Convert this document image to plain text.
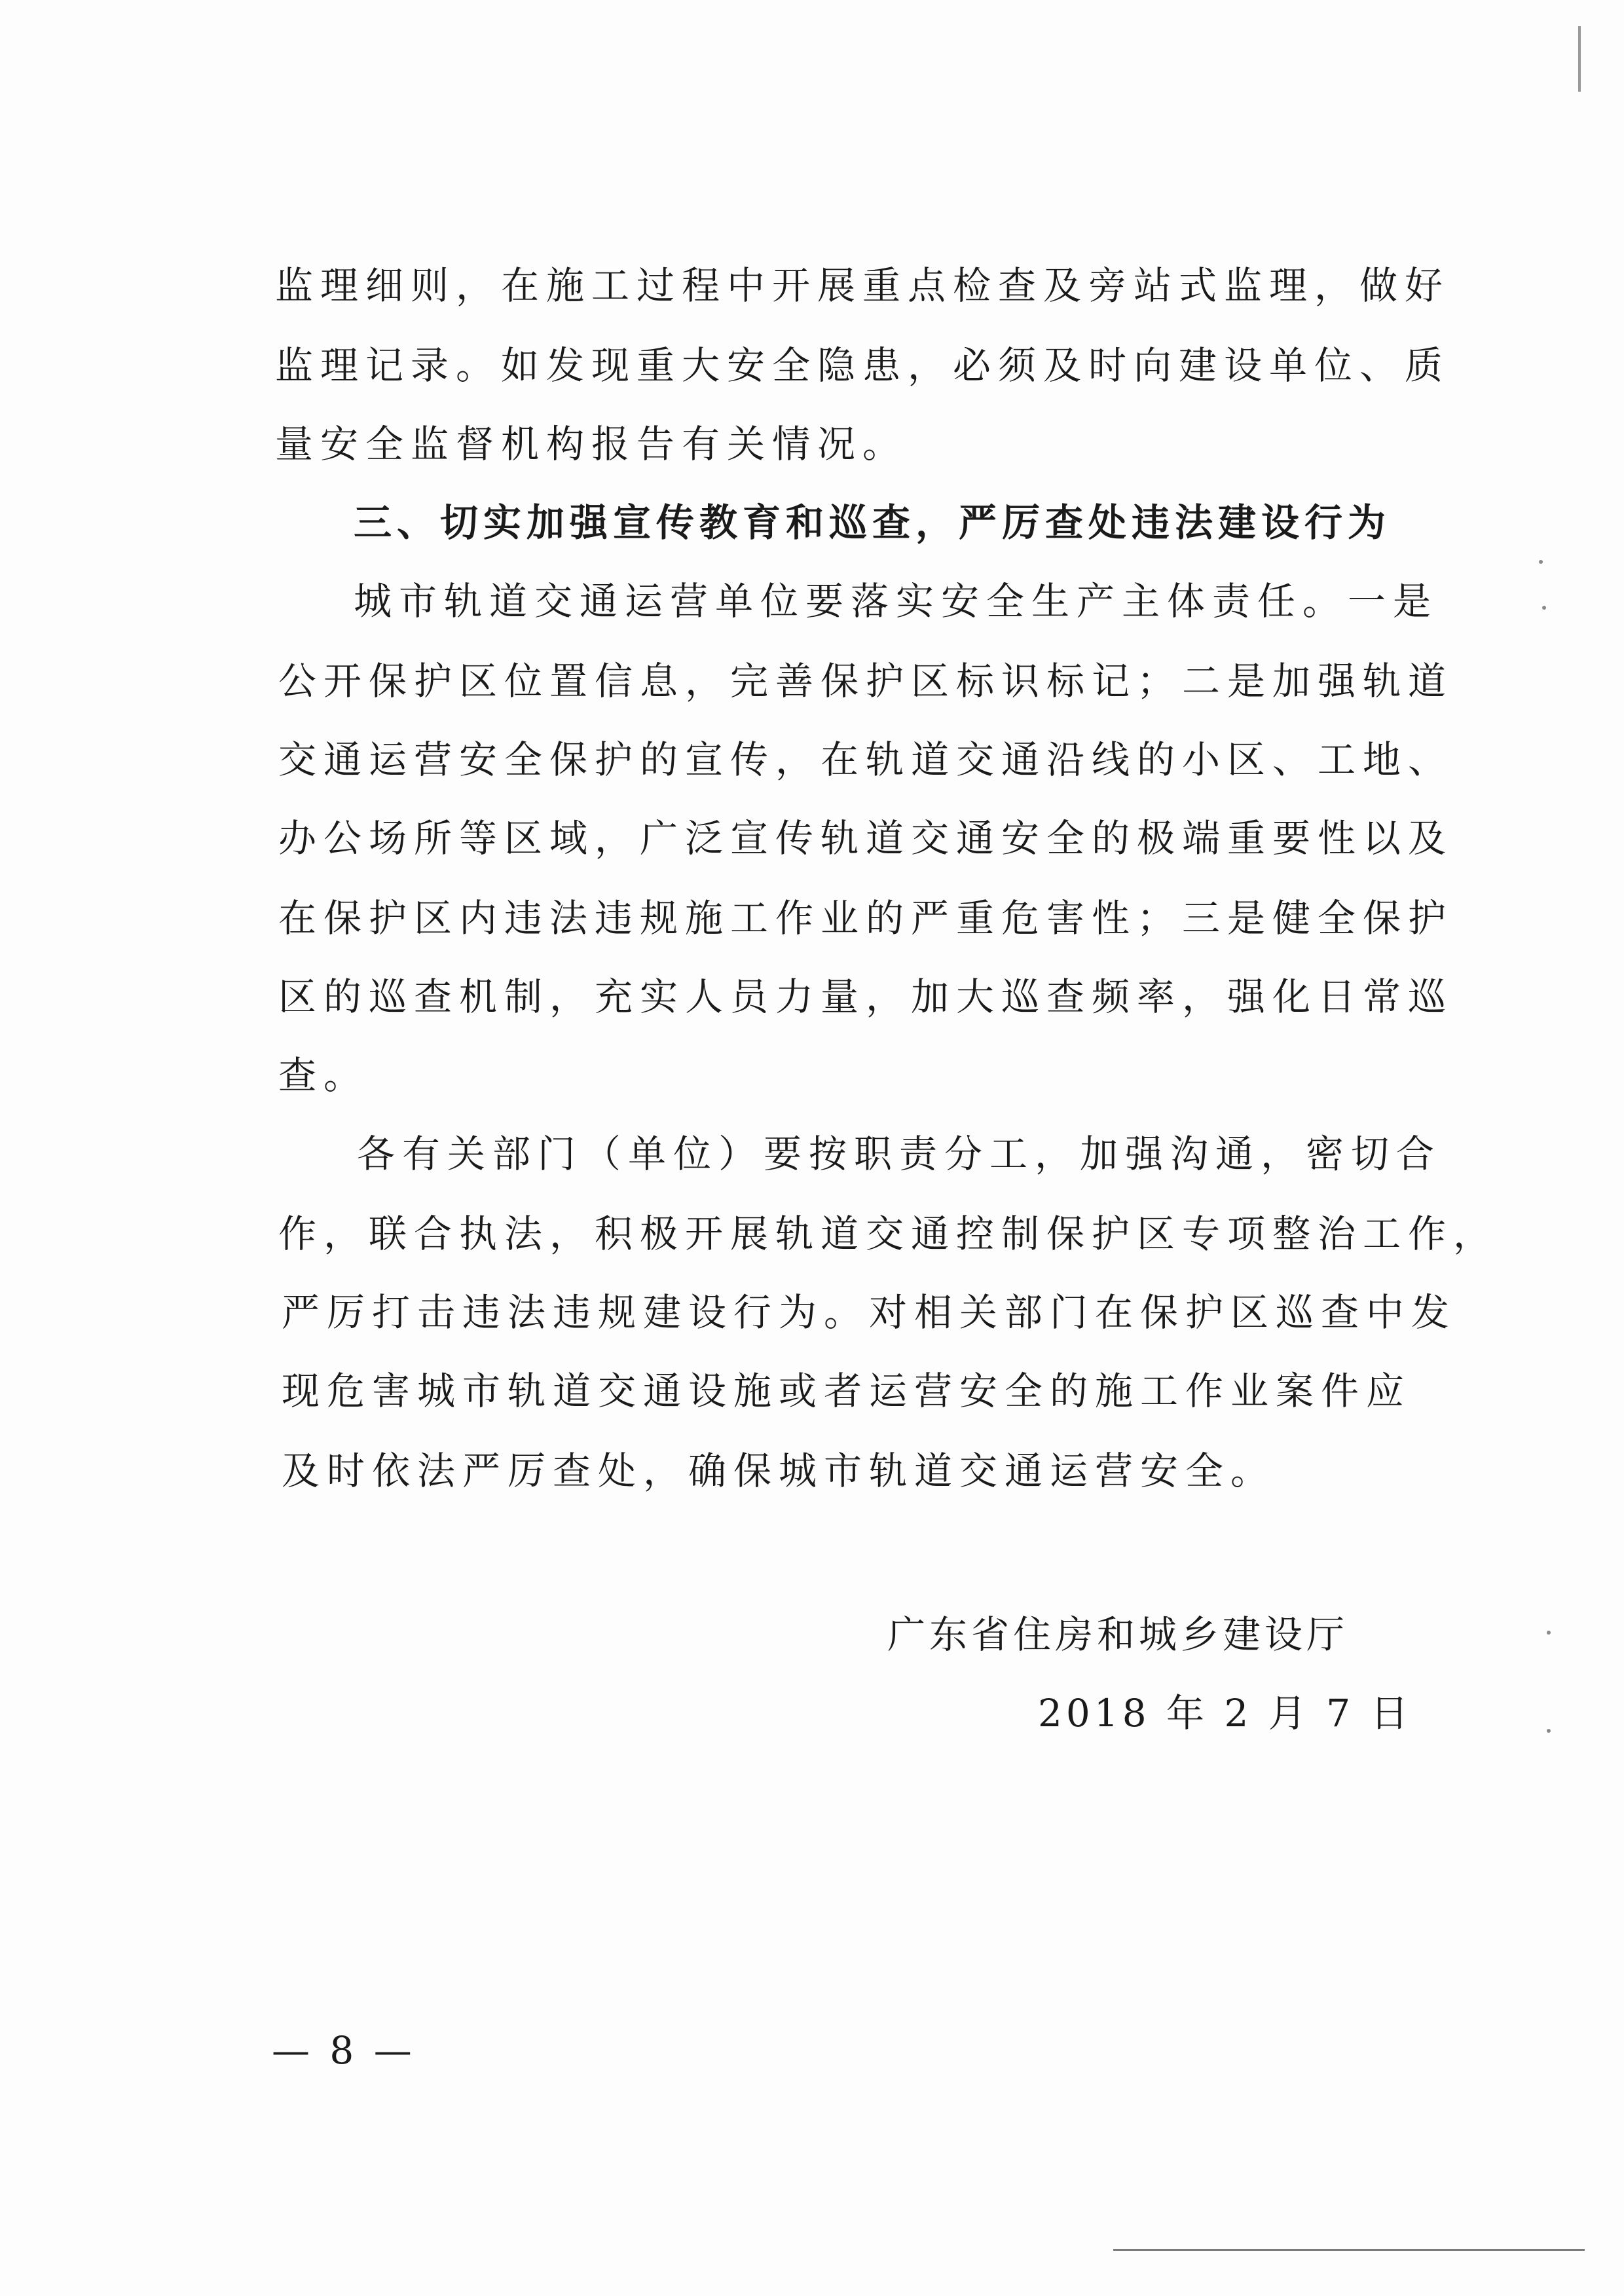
监理细则，在施工过程中开展重点检查及旁站式监理，做好
监理记录。如发现重大安全隐患，必须及时向建设单位、质
量安全监督机构报告有关情况。
三、切实加强宣传教育和巡查，严厉查处违法建设行为
城市轨道交通运营单位要落实安全生产主体责任。一是
公开保护区位置信息，完善保护区标识标记；二是加强轨道
交通运营安全保护的宣传，在轨道交通沿线的小区、工地、
办公场所等区域，广泛宣传轨道交通安全的极端重要性以及
在保护区内违法违规施工作业的严重危害性；三是健全保护
区的巡查机制，充实人员力量，加大巡查频率，强化日常巡
查。
各有关部门（单位）要按职责分工，加强沟通，密切合
作，联合执法，积极开展轨道交通控制保护区专项整治工作，
严厉打击违法违规建设行为。对相关部门在保护区巡查中发
现危害城市轨道交通设施或者运营安全的施工作业案件应
及时依法严厉查处，确保城市轨道交通运营安全。
广东省住房和城乡建设厅
2018 年 2 月 7 日
— 8 —
